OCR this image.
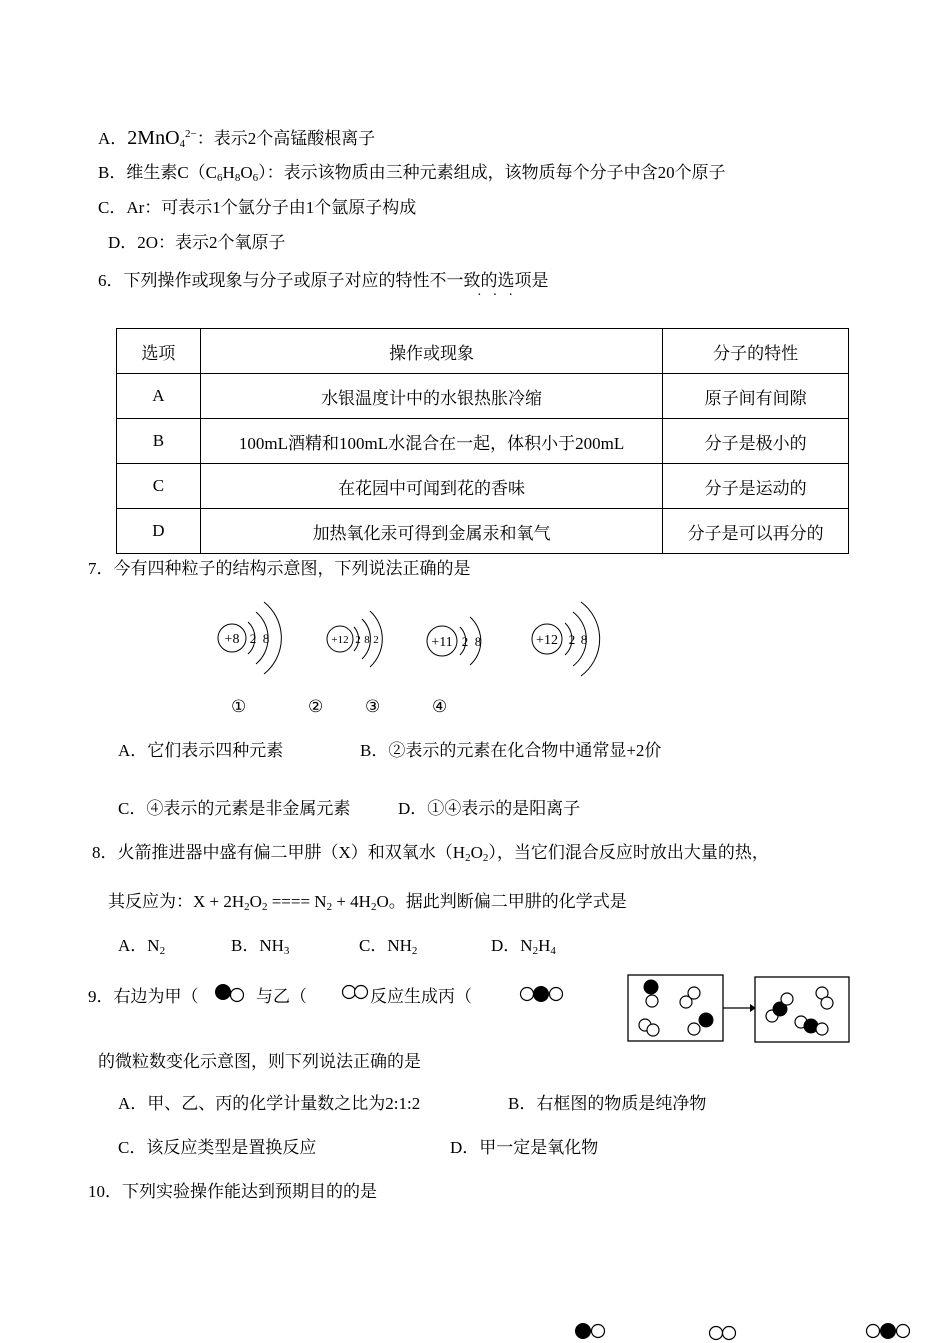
A．2MnO$_4^{2-}$：表示2个高锰酸根离子
B．维生素$C(C_6H_8O_6)$：表示该物质由三种元素组成，该物质每个分子中含20个原子
C．Ar：可表示1个氩分子由1个氩原子构成
D．2O：表示2个氧原子
6．下列操作或现象与分子或原子对应的特性不一致的选项是
···
选项	操作或现象	分子的特性
A	水银温度计中的水银热胀冷缩	原子间有间隙
B	100mL酒精和100mL水混合在一起，体积小于200mL	分子是极小的
C	在花园中可闻到花的香味	分子是运动的
D	加热氧化汞可得到金属汞和氧气	分子是可以再分的
7．今有四种粒子的结构示意图，下列说法正确的是
+8 2 8	+12 2 8 2	+11 2 8	+12 2 8
①	② ③	④
A．它们表示四种元素	B．②表示的元素在化合物中通常显+2价
C．④表示的元素是非金属元素	D．①④表示的是阳离子
8．火箭推进器中盛有偏二甲肼（X）和双氧水$(H_2O_2)$，当它们混合反应时放出大量的热，
其反应为：$X + 2H_2O_2$ ==== $N_2 + 4H_2O$。据此判断偏二甲肼的化学式是
A．$N_2$	B．$NH_3$	C．$NH_2$	D．$N_2H_4$
9．右边为甲（	与乙（	反应生成丙（
的微粒数变化示意图，则下列说法正确的是
A．甲、乙、丙的化学计量数之比为2:1:2	B．右框图的物质是纯净物
C．该反应类型是置换反应	D．甲一定是氧化物
10．下列实验操作能达到预期目的的是
